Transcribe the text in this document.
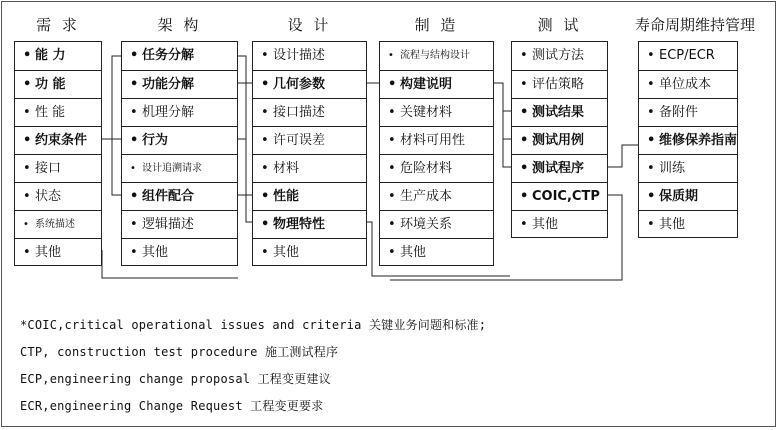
需 求	架 构	设 计	制 造	测 试	寿命周期维持管理
• 能 力
• 功 能
• 性 能
• 约束条件
• 接口
• 状态
• 系统描述
• 其他
• 任务分解
• 功能分解
• 机理分解
• 行为
• 设计追溯请求
• 组件配合
• 逻辑描述
• 其他
• 设计描述
• 几何参数
• 接口描述
• 许可误差
• 材料
• 性能
• 物理特性
• 其他
• 流程与结构设计
• 构建说明
• 关键材料
• 材料可用性
• 危险材料
• 生产成本
• 环境关系
• 其他
• 测试方法
• 评估策略
• 测试结果
• 测试用例
• 测试程序
• COIC,CTP
• 其他
• ECP/ECR
• 单位成本
• 备附件
• 维修保养指南
• 训练
• 保质期
• 其他
*COIC,critical operational issues and criteria 关键业务问题和标准;
CTP, construction test procedure 施工测试程序
ECP,engineering change proposal 工程变更建议
ECR,engineering Change Request 工程变更要求
